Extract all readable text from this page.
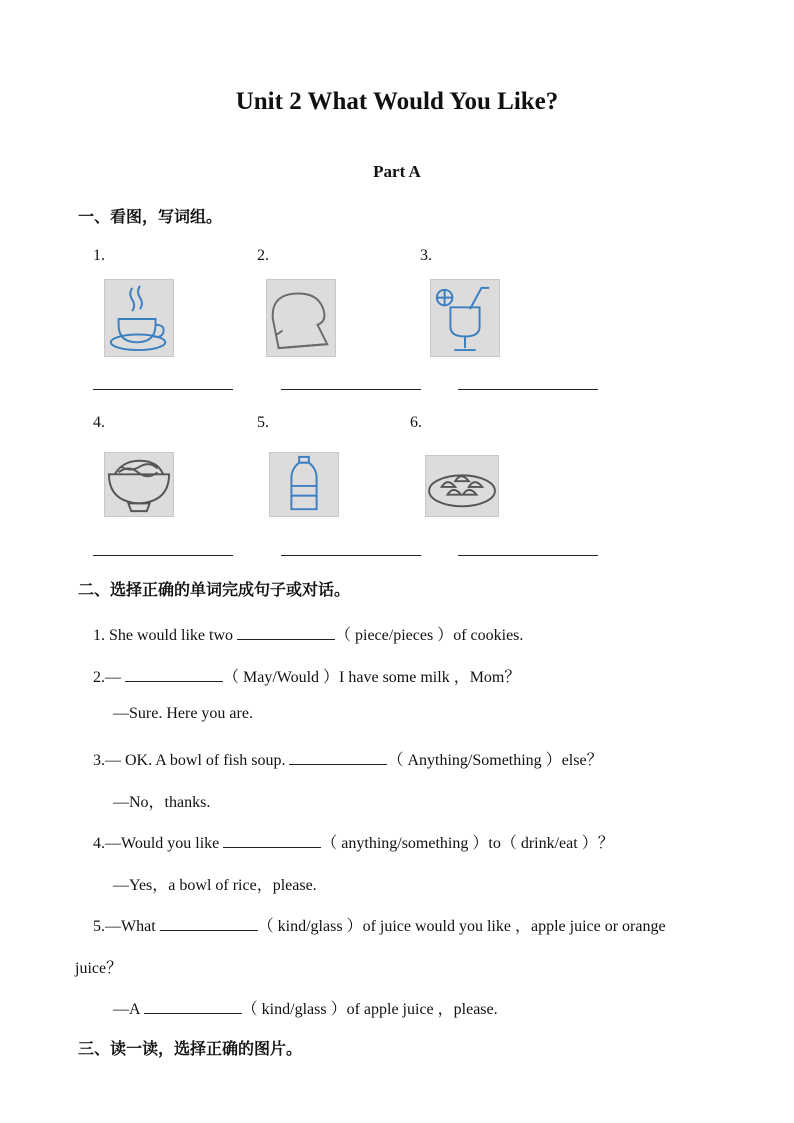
Unit 2 What Would You Like?
Part A
一、看图，写词组。
1.	2.	3.
4.	5.	6.
二、选择正确的单词完成句子或对话。
1. She would like two	（ piece/pieces ）of cookies.
2.—	（ May/Would ）I have some milk ，Mom？
—Sure. Here you are.
3.— OK. A bowl of fish soup.	（ Anything/Something ）else？
—No，thanks.
4.—Would you like	（ anything/something ）to（ drink/eat ）？
—Yes，a bowl of rice，please.
5.—What	（ kind/glass ）of juice would you like ，apple juice or orange
juice？
—A	（ kind/glass ）of apple juice ，please.
三、读一读，选择正确的图片。
